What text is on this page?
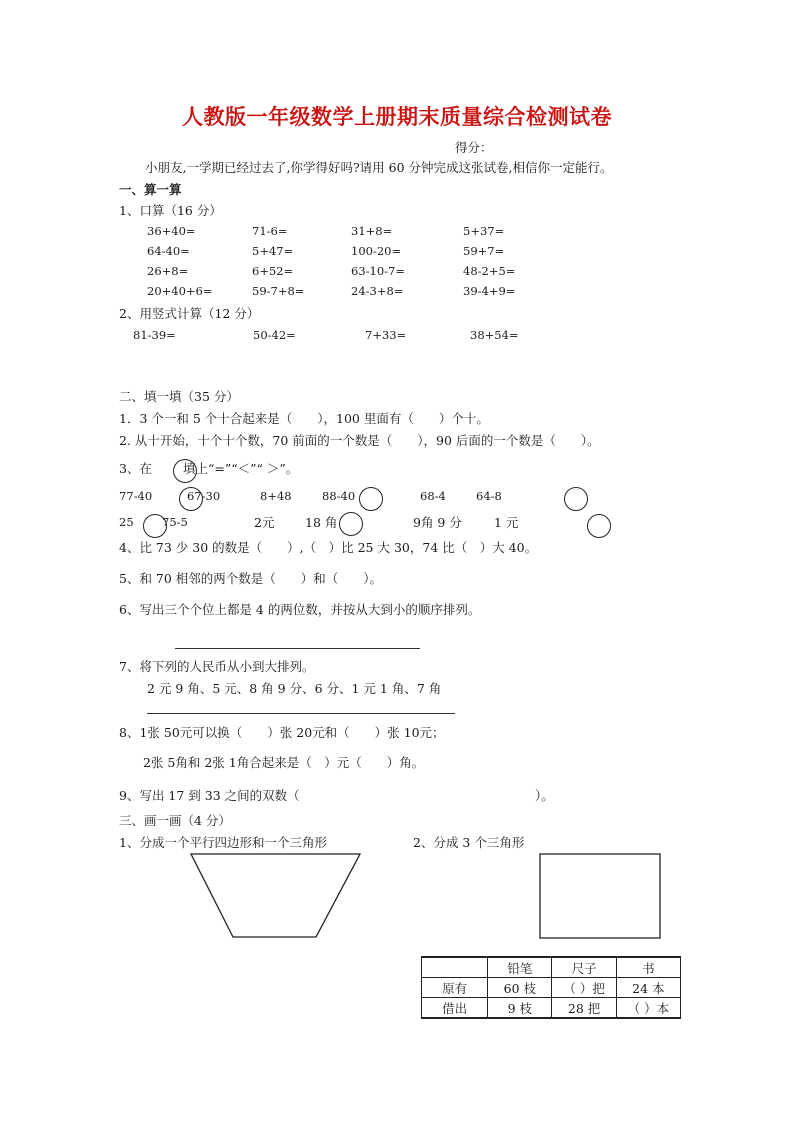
人教版一年级数学上册期末质量综合检测试卷
得分：
小朋友,一学期已经过去了,你学得好吗?请用 60 分钟完成这张试卷,相信你一定能行。
一、算一算
1、口算（16 分）
36+40=	71-6=	31+8=	5+37=
64-40=	5+47=	100-20=	59+7=
26+8=	6+52=	63-10-7=	48-2+5=
20+40+6=	59-7+8=	24-3+8=	39-4+9=
2、用竖式计算（12 分）
81-39=	50-42=	7+33=	38+54=
二、填一填（35 分）
1．3 个一和 5 个十合起来是（　　），100 里面有（　　）个十。
2. 从十开始，十个十个数，70 前面的一个数是（　　），90 后面的一个数是（　　）。
3、在 填上“=”“＜”“ ＞”。
77-40	67-30	8+48	88-40	68-4	64-8
25 75-5	2元 18 角	9角 9 分	1 元
4、比 73 少 30 的数是（　　）,（　）比 25 大 30，74 比（　）大 40。
5、和 70 相邻的两个数是（　　）和（　　）。
6、写出三个个位上都是 4 的两位数，并按从大到小的顺序排列。
7、将下列的人民币从小到大排列。
2 元 9 角、5 元、8 角 9 分、6 分、1 元 1 角、7 角
8、1张 50元可以换（　　）张 20元和（　　）张 10元；
2张 5角和 2张 1角合起来是（　）元（　　）角。
9、写出 17 到 33 之间的双数（	）。
三、画一画（4 分）
1、分成一个平行四边形和一个三角形	2、分成 3 个三角形
	铅笔	尺子	书
原有	60 枝	（ ）把	24 本
借出	9 枝	28 把	（ ）本
